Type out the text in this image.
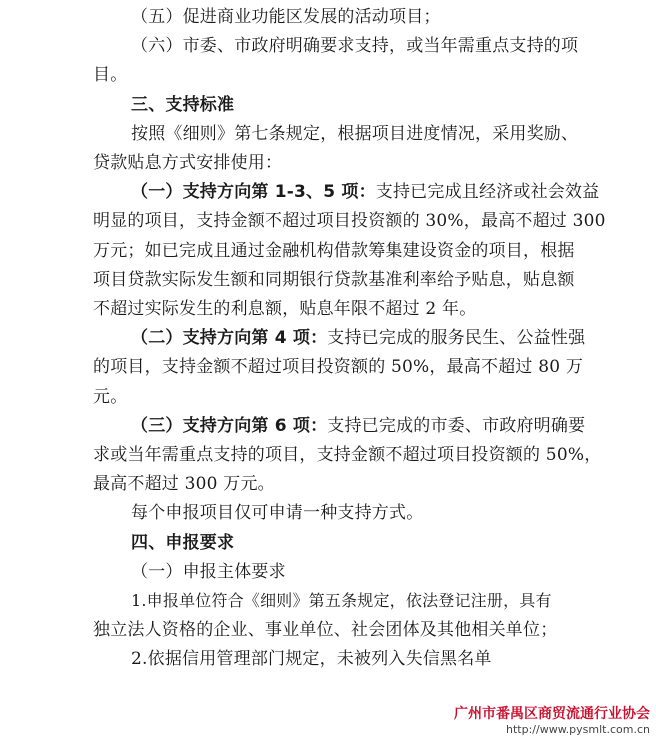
（五）促进商业功能区发展的活动项目；
（六）市委、市政府明确要求支持，或当年需重点支持的项
目。
三、支持标准
按照《细则》第七条规定，根据项目进度情况，采用奖励、
贷款贴息方式安排使用：
（一）支持方向第 1-3、5 项：支持已完成且经济或社会效益
明显的项目，支持金额不超过项目投资额的 30%，最高不超过 300
万元；如已完成且通过金融机构借款筹集建设资金的项目，根据
项目贷款实际发生额和同期银行贷款基准利率给予贴息，贴息额
不超过实际发生的利息额，贴息年限不超过 2 年。
（二）支持方向第 4 项：支持已完成的服务民生、公益性强
的项目，支持金额不超过项目投资额的 50%，最高不超过 80 万
元。
（三）支持方向第 6 项：支持已完成的市委、市政府明确要
求或当年需重点支持的项目，支持金额不超过项目投资额的 50%，
最高不超过 300 万元。
每个申报项目仅可申请一种支持方式。
四、申报要求
（一）申报主体要求
1.申报单位符合《细则》第五条规定，依法登记注册，具有
独立法人资格的企业、事业单位、社会团体及其他相关单位；
2.依据信用管理部门规定，未被列入失信黑名单
广州市番禺区商贸流通行业协会
http://www.pysmlt.com.cn
